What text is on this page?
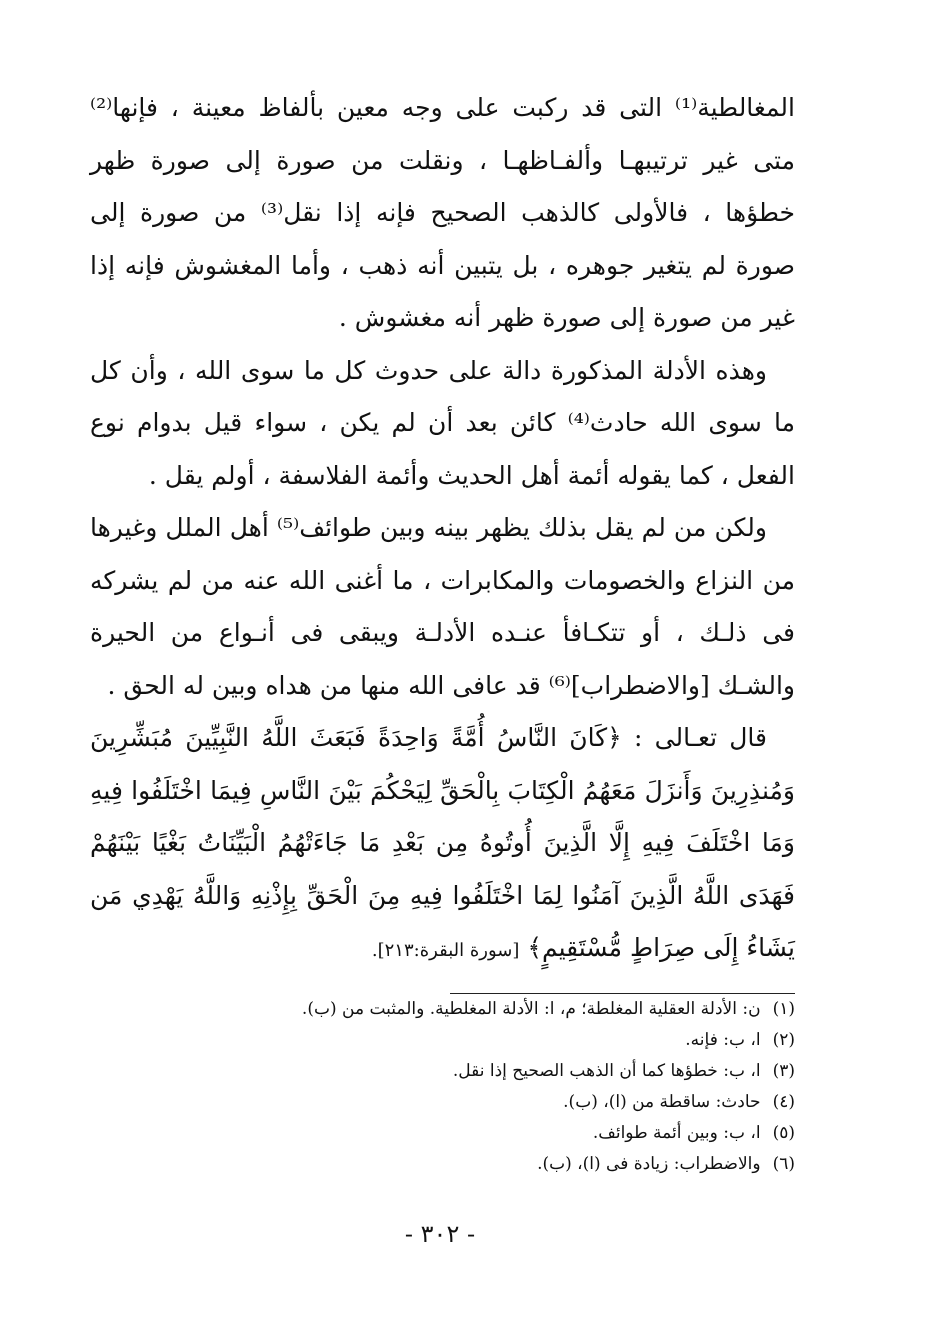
المغالطية⁽¹⁾ التى قد ركبت على وجه معين بألفاظ معينة ، فإنها⁽²⁾ متى غير ترتيبهـا وألفـاظهـا ، ونقلت من صورة إلى صورة ظهر خطؤها ، فالأولى كالذهب الصحيح فإنه إذا نقل⁽³⁾ من صورة إلى صورة لم يتغير جوهره ، بل يتبين أنه ذهب ، وأما المغشوش فإنه إذا غير من صورة إلى صورة ظهر أنه مغشوش .

وهذه الأدلة المذكورة دالة على حدوث كل ما سوى الله ، وأن كل ما سوى الله حادث⁽⁴⁾ كائن بعد أن لم يكن ، سواء قيل بدوام نوع الفعل ، كما يقوله أئمة أهل الحديث وأئمة الفلاسفة ، أولم يقل .

ولكن من لم يقل بذلك يظهر بينه وبين طوائف⁽⁵⁾ أهل الملل وغيرها من النزاع والخصومات والمكابرات ، ما أغنى الله عنه من لم يشركه فى ذلـك ، أو تتكـافأ عنـده الأدلـة ويبقى فى أنـواع من الحيرة والشـك [والاضطراب]⁽⁶⁾ قد عافى الله منها من هداه وبين له الحق .

قال تعـالى : ﴿كَانَ النَّاسُ أُمَّةً وَاحِدَةً فَبَعَثَ اللَّهُ النَّبِيِّينَ مُبَشِّرِينَ وَمُنذِرِينَ وَأَنزَلَ مَعَهُمُ الْكِتَابَ بِالْحَقِّ لِيَحْكُمَ بَيْنَ النَّاسِ فِيمَا اخْتَلَفُوا فِيهِ وَمَا اخْتَلَفَ فِيهِ إِلَّا الَّذِينَ أُوتُوهُ مِن بَعْدِ مَا جَاءَتْهُمُ الْبَيِّنَاتُ بَغْيًا بَيْنَهُمْ فَهَدَى اللَّهُ الَّذِينَ آمَنُوا لِمَا اخْتَلَفُوا فِيهِ مِنَ الْحَقِّ بِإِذْنِهِ وَاللَّهُ يَهْدِي مَن يَشَاءُ إِلَى صِرَاطٍ مُّسْتَقِيمٍ﴾ [سورة البقرة:٢١٣].

(١)ن: الأدلة العقلية المغلطة؛ م، ا: الأدلة المغلطية. والمثبت من (ب).
(٢)ا، ب: فإنه.
(٣)ا، ب: خطؤها كما أن الذهب الصحيح إذا نقل.
(٤)حادث: ساقطة من (ا)، (ب).
(٥)ا، ب: وبين أئمة طوائف.
(٦)والاضطراب: زيادة فى (ا)، (ب).
- ٣٠٢ -
